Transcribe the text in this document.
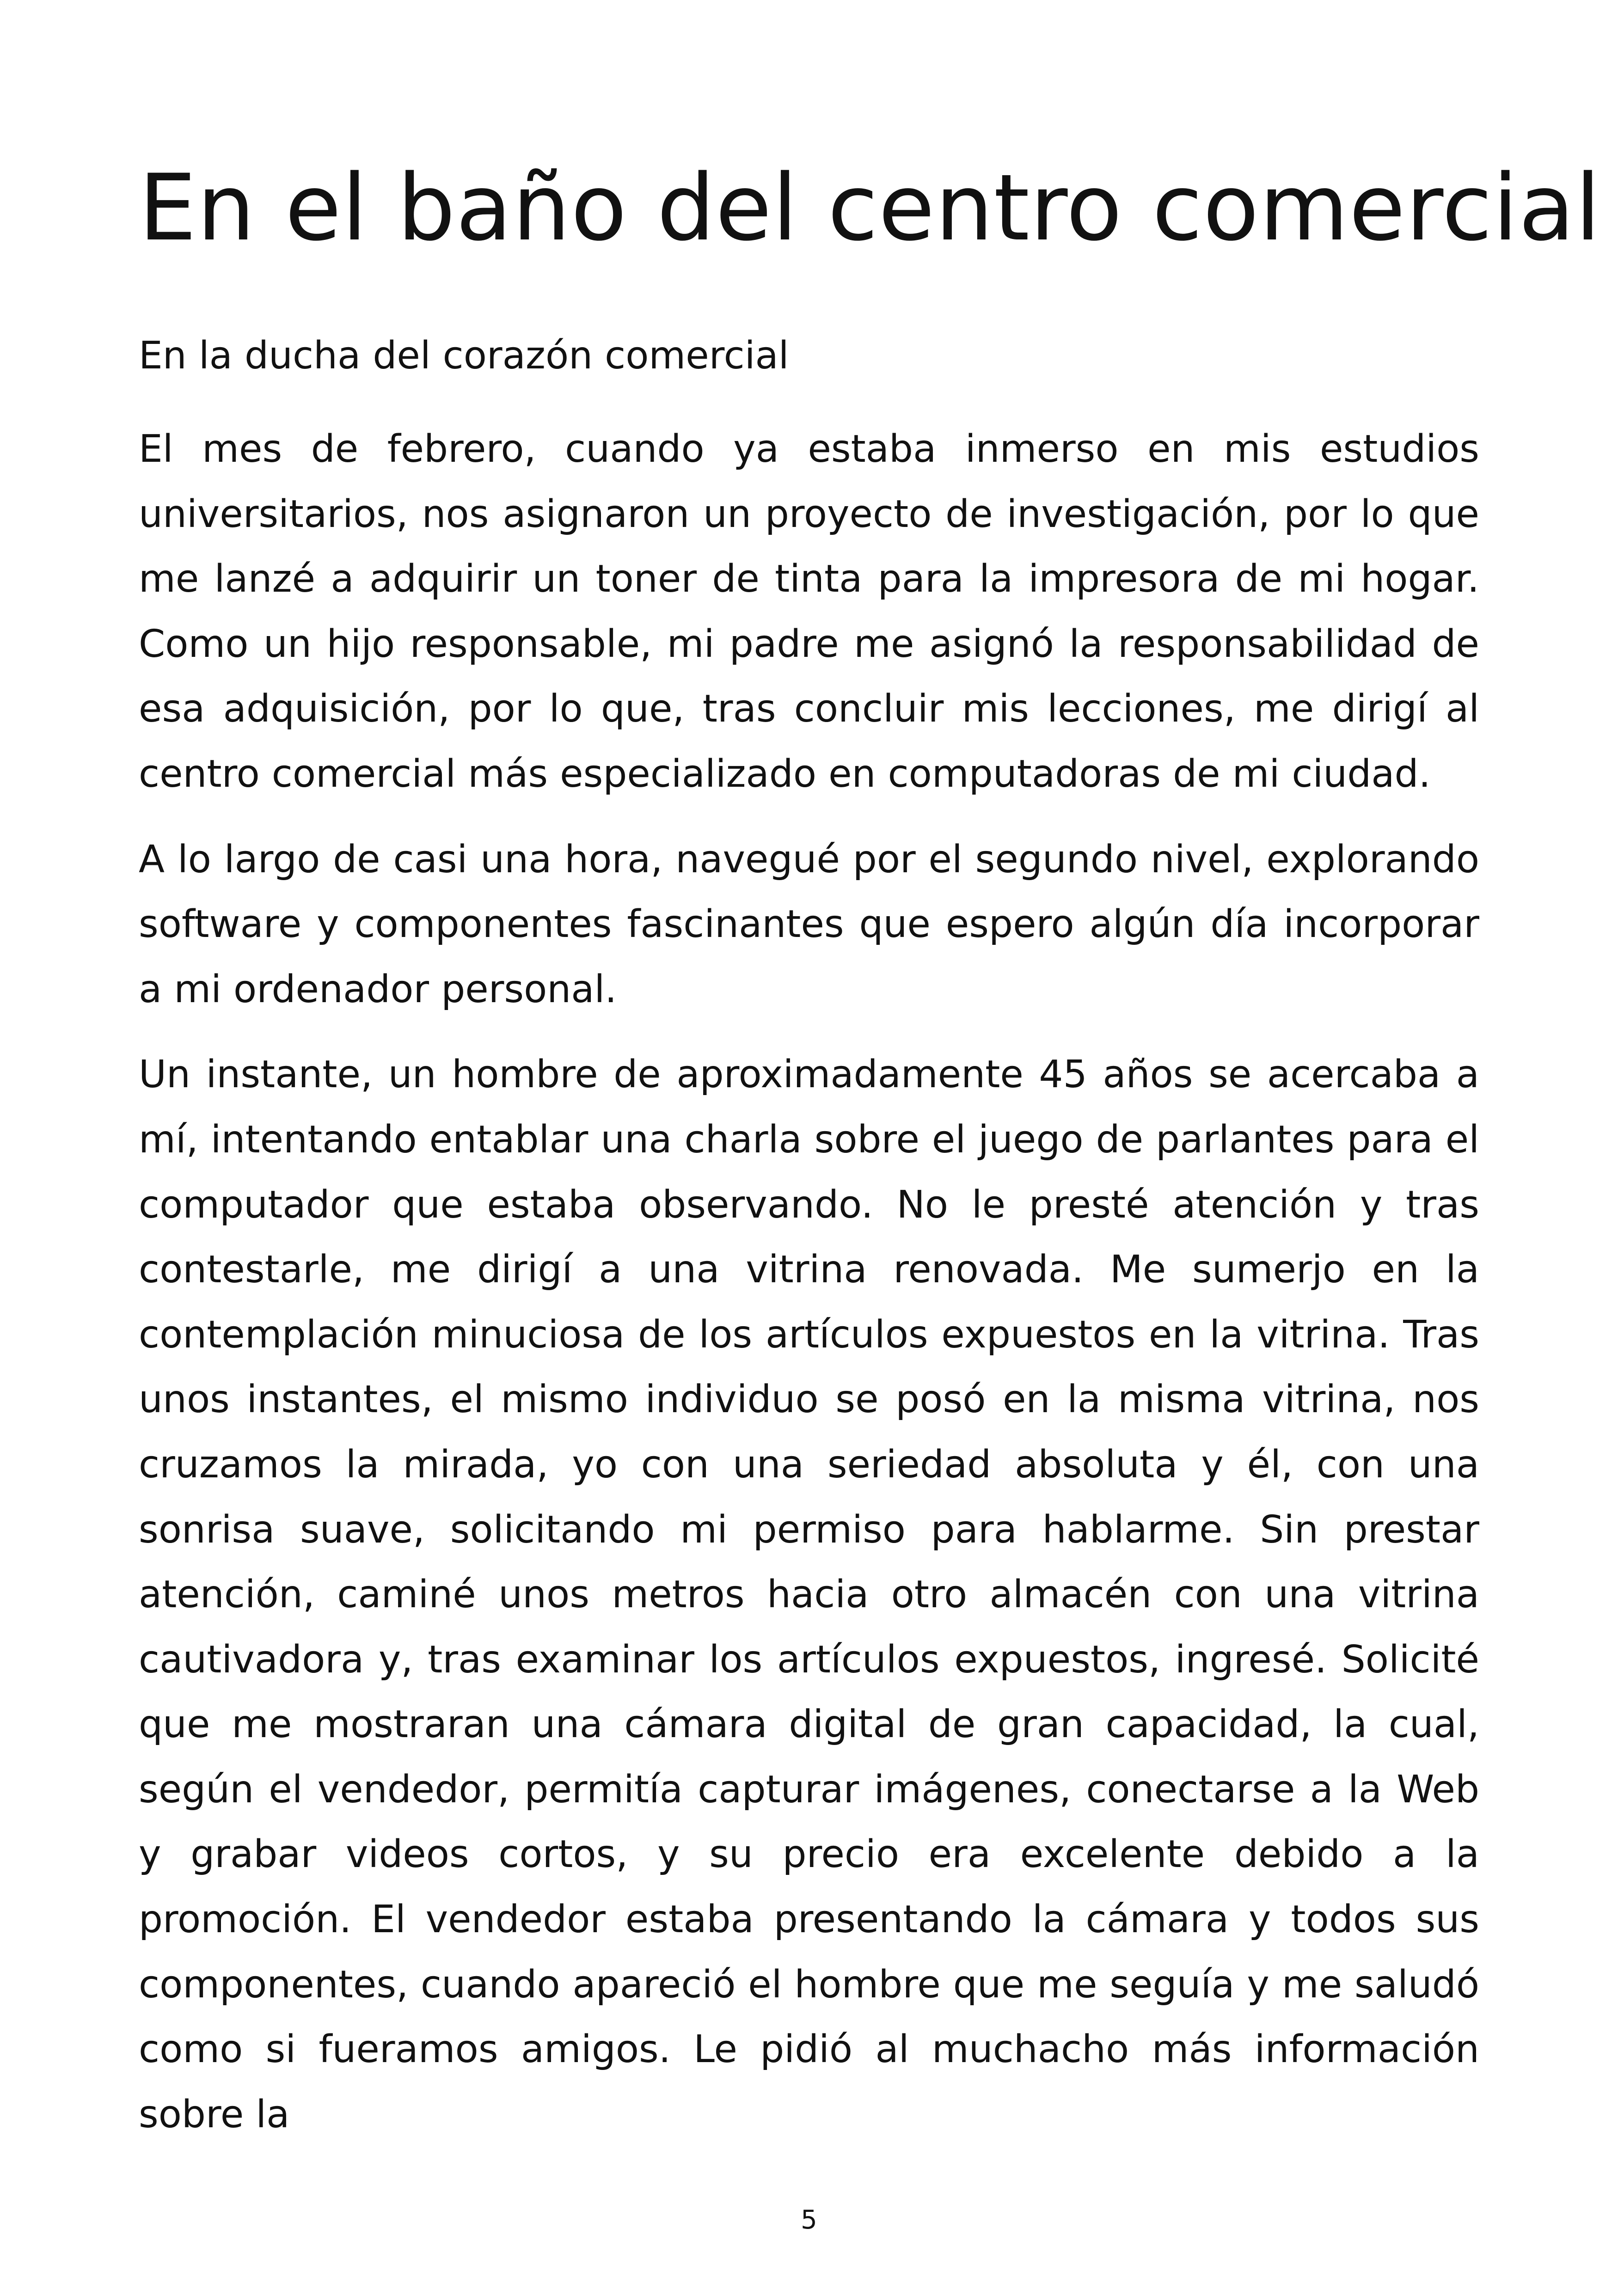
En el baño del centro comercial

En la ducha del corazón comercial

El mes de febrero, cuando ya estaba inmerso en mis estudios universitarios, nos asignaron un proyecto de investigación, por lo que me lanzé a adquirir un toner de tinta para la impresora de mi hogar. Como un hijo responsable, mi padre me asignó la responsabilidad de esa adquisición, por lo que, tras concluir mis lecciones, me dirigí al centro comercial más especializado en computadoras de mi ciudad.

A lo largo de casi una hora, navegué por el segundo nivel, explorando software y componentes fascinantes que espero algún día incorporar a mi ordenador personal.

Un instante, un hombre de aproximadamente 45 años se acercaba a mí, intentando entablar una charla sobre el juego de parlantes para el computador que estaba observando. No le presté atención y tras contestarle, me dirigí a una vitrina renovada. Me sumerjo en la contemplación minuciosa de los artículos expuestos en la vitrina. Tras unos instantes, el mismo individuo se posó en la misma vitrina, nos cruzamos la mirada, yo con una seriedad absoluta y él, con una sonrisa suave, solicitando mi permiso para hablarme. Sin prestar atención, caminé unos metros hacia otro almacén con una vitrina cautivadora y, tras examinar los artículos expuestos, ingresé. Solicité que me mostraran una cámara digital de gran capacidad, la cual, según el vendedor, permitía capturar imágenes, conectarse a la Web y grabar videos cortos, y su precio era excelente debido a la promoción. El vendedor estaba presentando la cámara y todos sus componentes, cuando apareció el hombre que me seguía y me saludó como si fueramos amigos. Le pidió al muchacho más información sobre la

5
